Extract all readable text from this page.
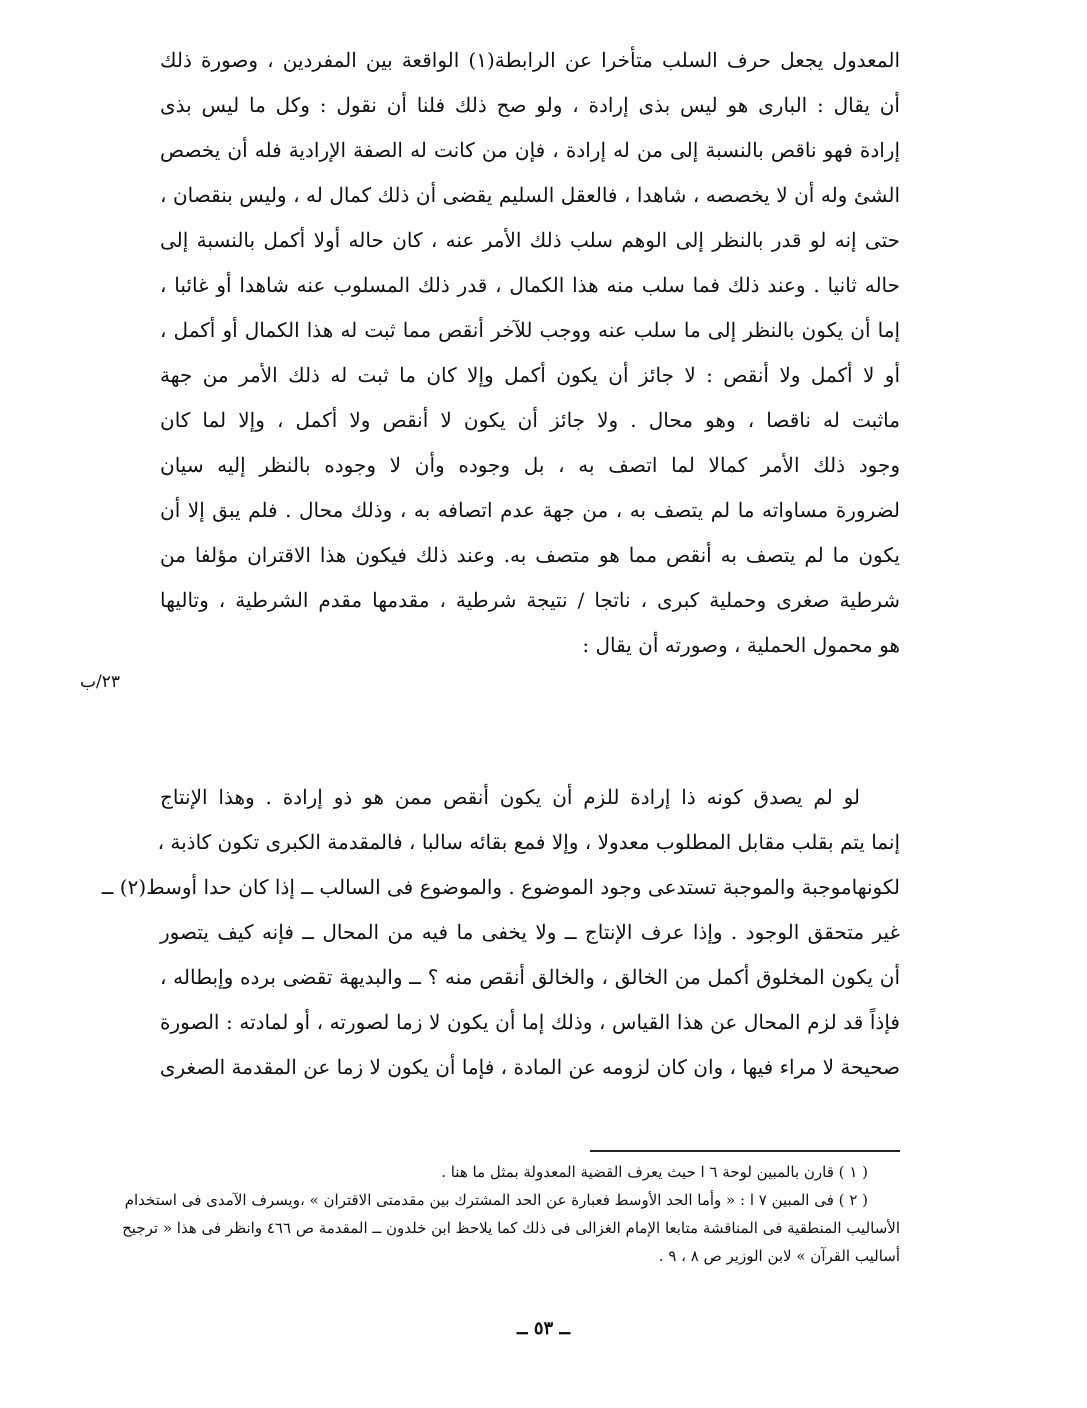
المعدول يجعل حرف السلب متأخرا عن الرابطة(١) الواقعة بين المفردين ، وصورة ذلك
أن يقال : البارى هو ليس بذى إرادة ، ولو صح ذلك فلنا أن نقول : وكل ما ليس بذى
إرادة فهو ناقص بالنسبة إلى من له إرادة ، فإن من كانت له الصفة الإرادية فله أن يخصص
الشئ وله أن لا يخصصه ، شاهدا ، فالعقل السليم يقضى أن ذلك كمال له ، وليس بنقصان ،
حتى إنه لو قدر بالنظر إلى الوهم سلب ذلك الأمر عنه ، كان حاله أولا أكمل بالنسبة إلى
حاله ثانيا . وعند ذلك فما سلب منه هذا الكمال ، قدر ذلك المسلوب عنه شاهدا أو غائبا ،
إما أن يكون بالنظر إلى ما سلب عنه ووجب للآخر أنقص مما ثبت له هذا الكمال أو أكمل ،
أو لا أكمل ولا أنقص : لا جائز أن يكون أكمل وإلا كان ما ثبت له ذلك الأمر من جهة
ماثبت له ناقصا ، وهو محال . ولا جائز أن يكون لا أنقص ولا أكمل ، وإلا لما كان
وجود ذلك الأمر كمالا لما اتصف به ، بل وجوده وأن لا وجوده بالنظر إليه سيان
لضرورة مساواته ما لم يتصف به ، من جهة عدم اتصافه به ، وذلك محال . فلم يبق إلا أن
يكون ما لم يتصف به أنقص مما هو متصف به. وعند ذلك فيكون هذا الاقتران مؤلفا من
شرطية صغرى وحملية كبرى ، ناتجا / نتيجة شرطية ، مقدمها مقدم الشرطية ، وتاليها
هو محمول الحملية ، وصورته أن يقال :
٢٣/ب
لو لم يصدق كونه ذا إرادة للزم أن يكون أنقص ممن هو ذو إرادة . وهذا الإنتاج
إنما يتم بقلب مقابل المطلوب معدولا ، وإلا فمع بقائه سالبا ، فالمقدمة الكبرى تكون كاذبة ،
لكونهاموجبة والموجبة تستدعى وجود الموضوع . والموضوع فى السالب ــ إذا كان حدا أوسط(٢) ــ
غير متحقق الوجود . وإذا عرف الإنتاج ــ ولا يخفى ما فيه من المحال ــ فإنه كيف يتصور
أن يكون المخلوق أكمل من الخالق ، والخالق أنقص منه ؟ ــ والبديهة تقضى برده وإبطاله ،
فإذاً قد لزم المحال عن هذا القياس ، وذلك إما أن يكون لا زما لصورته ، أو لمادته : الصورة
صحيحة لا مراء فيها ، وان كان لزومه عن المادة ، فإما أن يكون لا زما عن المقدمة الصغرى
( ١ ) قارن بالمبين لوحة ٦ ا حيث يعرف القضية المعدولة بمثل ما هنا .
( ٢ ) فى المبين ٧ ا : « وأما الحد الأوسط فعبارة عن الحد المشترك بين مقدمتى الاقتران » ،ويسرف الآمدى فى استخدام
الأساليب المنطقية فى المناقشة متابعا الإمام الغزالى فى ذلك كما يلاحظ ابن خلدون ــ المقدمة ص ٤٦٦ وانظر فى هذا « ترجيح
أساليب القرآن » لابن الوزير ص ٨ ، ٩ .
ــ ٥٣ ــ
